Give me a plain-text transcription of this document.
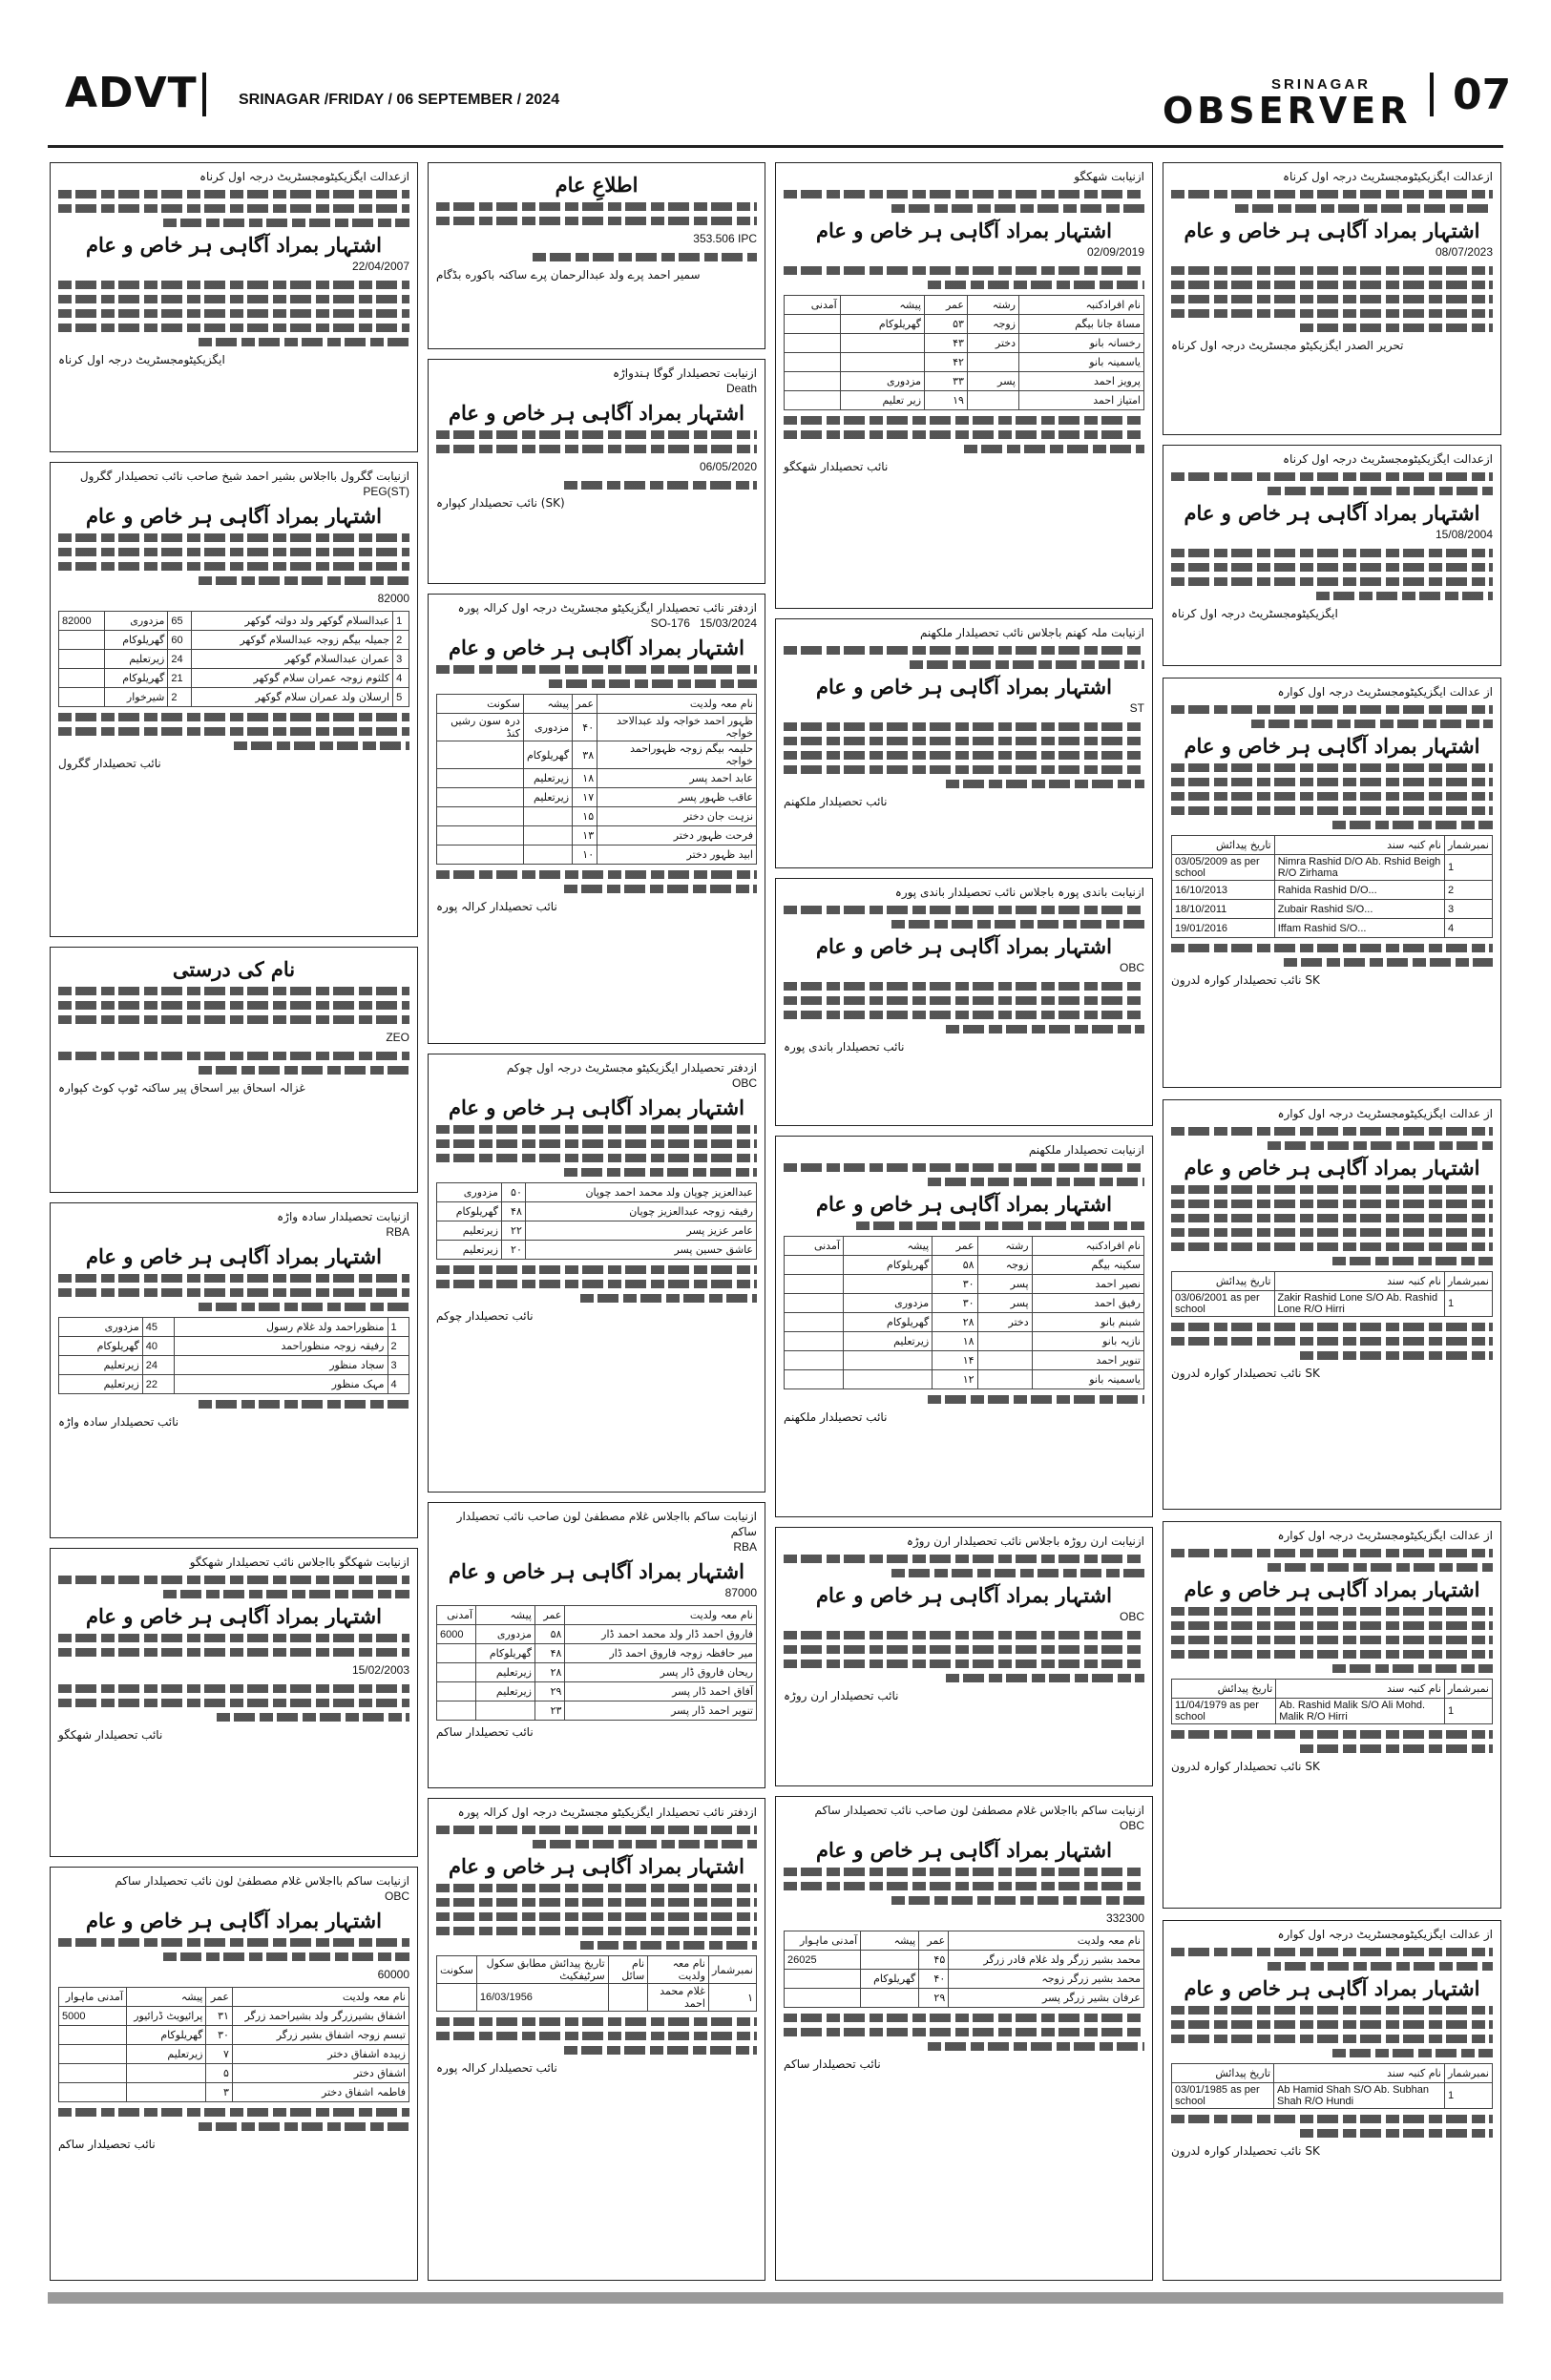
ADVT	SRINAGAR /FRIDAY / 06 SEPTEMBER / 2024
SRINAGAR
OBSERVER 07
ازعدالت ایگزیکیٹومجسٹریٹ درجہ اول کرناہ
اشتہار بمراد آگاہی ہر خاص و عام
08/07/2023
تحریر الصدر ایگزیکیٹو مجسٹریٹ درجہ اول کرناہ
ازعدالت ایگزیکیٹومجسٹریٹ درجہ اول کرناہ
اشتہار بمراد آگاہی ہر خاص و عام
15/08/2004
ایگزیکیٹومجسٹریٹ درجہ اول کرناہ
از عدالت ایگزیکیٹومجسٹریٹ درجہ اول کوارہ
اشتہار بمراد آگاہی ہر خاص و عام
نمبرشمار	نام کنبہ سند	تاریخ پیدائش
1	Nimra Rashid D/O Ab. Rshid Beigh R/O Zirhama	03/05/2009 as per school
2	Rahida Rashid D/O...	16/10/2013
3	Zubair Rashid S/O...	18/10/2011
4	Iffam Rashid S/O...	19/01/2016
SK نائب تحصیلدار کوارہ لدرون
از عدالت ایگزیکیٹومجسٹریٹ درجہ اول کوارہ
اشتہار بمراد آگاہی ہر خاص و عام
نمبرشمار	نام کنبہ سند	تاریخ پیدائش
1	Zakir Rashid Lone S/O Ab. Rashid Lone R/O Hirri	03/06/2001 as per school
SK نائب تحصیلدار کوارہ لدرون
از عدالت ایگزیکیٹومجسٹریٹ درجہ اول کوارہ
اشتہار بمراد آگاہی ہر خاص و عام
نمبرشمار	نام کنبہ سند	تاریخ پیدائش
1	Ab. Rashid Malik S/O Ali Mohd. Malik R/O Hirri	11/04/1979 as per school
SK نائب تحصیلدار کوارہ لدرون
از عدالت ایگزیکیٹومجسٹریٹ درجہ اول کوارہ
اشتہار بمراد آگاہی ہر خاص و عام
نمبرشمار	نام کنبہ سند	تاریخ پیدائش
1	Ab Hamid Shah S/O Ab. Subhan Shah R/O Hundi	03/01/1985 as per school
SK نائب تحصیلدار کوارہ لدرون
ازنیابت شھکگو
اشتہار بمراد آگاہی ہر خاص و عام
02/09/2019
نام افرادکنبہ	رشتہ	عمر	پیشہ	آمدنی
مساۃ جانا بیگم	زوجہ	۵۳	گھریلوکام	
رخسانہ بانو	دختر	۴۳		
یاسمینہ بانو		۴۲		
پرویز احمد	پسر	۳۳	مزدوری	
امتیاز احمد		۱۹	زیر تعلیم	
نائب تحصیلدار شھکگو
ازنیابت ملہ کھنم باجلاس نائب تحصیلدار ملکھنم
اشتہار بمراد آگاہی ہر خاص و عام
ST
نائب تحصیلدار ملکھنم
ازنیابت باندی پورہ باجلاس نائب تحصیلدار باندی پورہ
اشتہار بمراد آگاہی ہر خاص و عام
OBC
نائب تحصیلدار باندی پورہ
ازنیابت تحصیلدار ملکھنم
اشتہار بمراد آگاہی ہر خاص و عام
نام افرادکنبہ	رشتہ	عمر	پیشہ	آمدنی
سکینہ بیگم	زوجہ	۵۸	گھریلوکام	
نصیر احمد	پسر	۳۰		
رفیق احمد	پسر	۳۰	مزدوری	
شبنم بانو	دختر	۲۸	گھریلوکام	
نازیہ بانو		۱۸	زیرتعلیم	
تنویر احمد		۱۴		
یاسمینہ بانو		۱۲		
نائب تحصیلدار ملکھنم
ازنیابت ارن روڑہ باجلاس نائب تحصیلدار ارن روڑہ
اشتہار بمراد آگاہی ہر خاص و عام
OBC
نائب تحصیلدار ارن روڑہ
ازنیابت ساکم بااجلاس غلام مصطفیٰ لون صاحب نائب تحصیلدار ساکم
OBC
اشتہار بمراد آگاہی ہر خاص و عام
332300
نام معہ ولدیت	عمر	پیشہ	آمدنی ماہوار
محمد بشیر زرگر ولد غلام قادر زرگر	۴۵		26025
محمد بشیر زرگر زوجہ	۴۰	گھریلوکام	
عرفان بشیر زرگر پسر	۲۹		
نائب تحصیلدار ساکم
اطلاعِ عام
353.506 IPC
سمیر احمد پرے ولد عبدالرحمان پرے ساکنہ باکوره بڈگام
ازنیابت تحصیلدار گوگا ہندواڑہ
Death
اشتہار بمراد آگاہی ہر خاص و عام
06/05/2020
(SK) نائب تحصیلدار کپوارہ
ازدفتر نائب تحصیلدار ایگزیکیٹو مجسٹریٹ درجہ اول کرالہ پورہ
SO-176 15/03/2024
اشتہار بمراد آگاہی ہر خاص و عام
نام معہ ولدیت	عمر	پیشہ	سکونت
ظہور احمد خواجہ ولد عبدالاحد خواجہ	۴۰	مزدوری	درہ سون رشیں کنڈ
حلیمہ بیگم زوجہ ظہوراحمد خواجہ	۳۸	گھریلوکام	
عابد احمد پسر	۱۸	زیرتعلیم	
عاقب ظہور پسر	۱۷	زیرتعلیم	
نزہت جان دختر	۱۵		
فرحت ظہور دختر	۱۳		
ابید ظہور دختر	۱۰		
نائب تحصیلدار کرالہ پورہ
ازدفتر تحصیلدار ایگزیکیٹو مجسٹریٹ درجہ اول چوکم
OBC
اشتہار بمراد آگاہی ہر خاص و عام
عبدالعزیز چوپان ولد محمد احمد چوپان	۵۰	مزدوری
رفیقہ زوجہ عبدالعزیز چوپان	۴۸	گھریلوکام
عامر عزیز پسر	۲۲	زیرتعلیم
عاشق حسین پسر	۲۰	زیرتعلیم
نائب تحصیلدار چوکم
ازنیابت ساکم بااجلاس غلام مصطفیٰ لون صاحب نائب تحصیلدار ساکم
RBA
اشتہار بمراد آگاہی ہر خاص و عام
87000
نام معہ ولدیت	عمر	پیشہ	آمدنی
فاروق احمد ڈار ولد محمد احمد ڈار	۵۸	مزدوری	6000
میر حافظہ زوجہ فاروق احمد ڈار	۴۸	گھریلوکام	
ریحان فاروق ڈار پسر	۲۸	زیرتعلیم	
آفاق احمد ڈار پسر	۲۹	زیرتعلیم	
تنویر احمد ڈار پسر	۲۳		
نائب تحصیلدار ساکم
ازدفتر نائب تحصیلدار ایگزیکیٹو مجسٹریٹ درجہ اول کرالہ پورہ
اشتہار بمراد آگاہی ہر خاص و عام
نمبرشمار	نام معہ ولدیت	نام سائل	تاریخ پیدائش مطابق سکول سرٹیفکیٹ	سکونت
۱	غلام محمد احمد		16/03/1956	
نائب تحصیلدار کرالہ پورہ
ازعدالت ایگزیکیٹومجسٹریٹ درجہ اول کرناہ
اشتہار بمراد آگاہی ہر خاص و عام
22/04/2007
ایگزیکیٹومجسٹریٹ درجہ اول کرناہ
ازنیابت گگرول بااجلاس بشیر احمد شیخ صاحب نائب تحصیلدار گگرول
PEG(ST)
اشتہار بمراد آگاہی ہر خاص و عام
82000
1	عبدالسلام گوکھر ولد دولتہ گوکھر	65	مزدوری	82000
2	جمیلہ بیگم زوجہ عبدالسلام گوکھر	60	گھریلوکام	
3	عمران عبدالسلام گوکھر	24	زیرتعلیم	
4	کلثوم زوجہ عمران سلام گوکھر	21	گھریلوکام	
5	ارسلان ولد عمران سلام گوکھر	2	شیرخوار	
نائب تحصیلدار گگرول
نام کی درستی
ZEO
غزالہ اسحاق بیر اسحاق پیر ساکنہ ٹوپ کوٹ کپوارہ
ازنیابت تحصیلدار سادہ واڑہ
RBA
اشتہار بمراد آگاہی ہر خاص و عام
1	منظوراحمد ولد غلام رسول	45	مزدوری
2	رفیقہ زوجہ منظوراحمد	40	گھریلوکام
3	سجاد منظور	24	زیرتعلیم
4	مہک منظور	22	زیرتعلیم
نائب تحصیلدار سادہ واڑہ
ازنیابت شھکگو بااجلاس نائب تحصیلدار شھکگو
اشتہار بمراد آگاہی ہر خاص و عام
15/02/2003
نائب تحصیلدار شھکگو
ازنیابت ساکم بااجلاس غلام مصطفیٰ لون نائب تحصیلدار ساکم
OBC
اشتہار بمراد آگاہی ہر خاص و عام
60000
نام معہ ولدیت	عمر	پیشہ	آمدنی ماہوار
اشفاق بشیرزرگر ولد بشیراحمد زرگر	۳۱	پرائیویٹ ڈرائیور	5000
تبسم زوجہ اشفاق بشیر زرگر	۳۰	گھریلوکام	
زبیدہ اشفاق دختر	۷	زیرتعلیم	
اشفاق دختر	۵		
فاطمہ اشفاق دختر	۳		
نائب تحصیلدار ساکم
